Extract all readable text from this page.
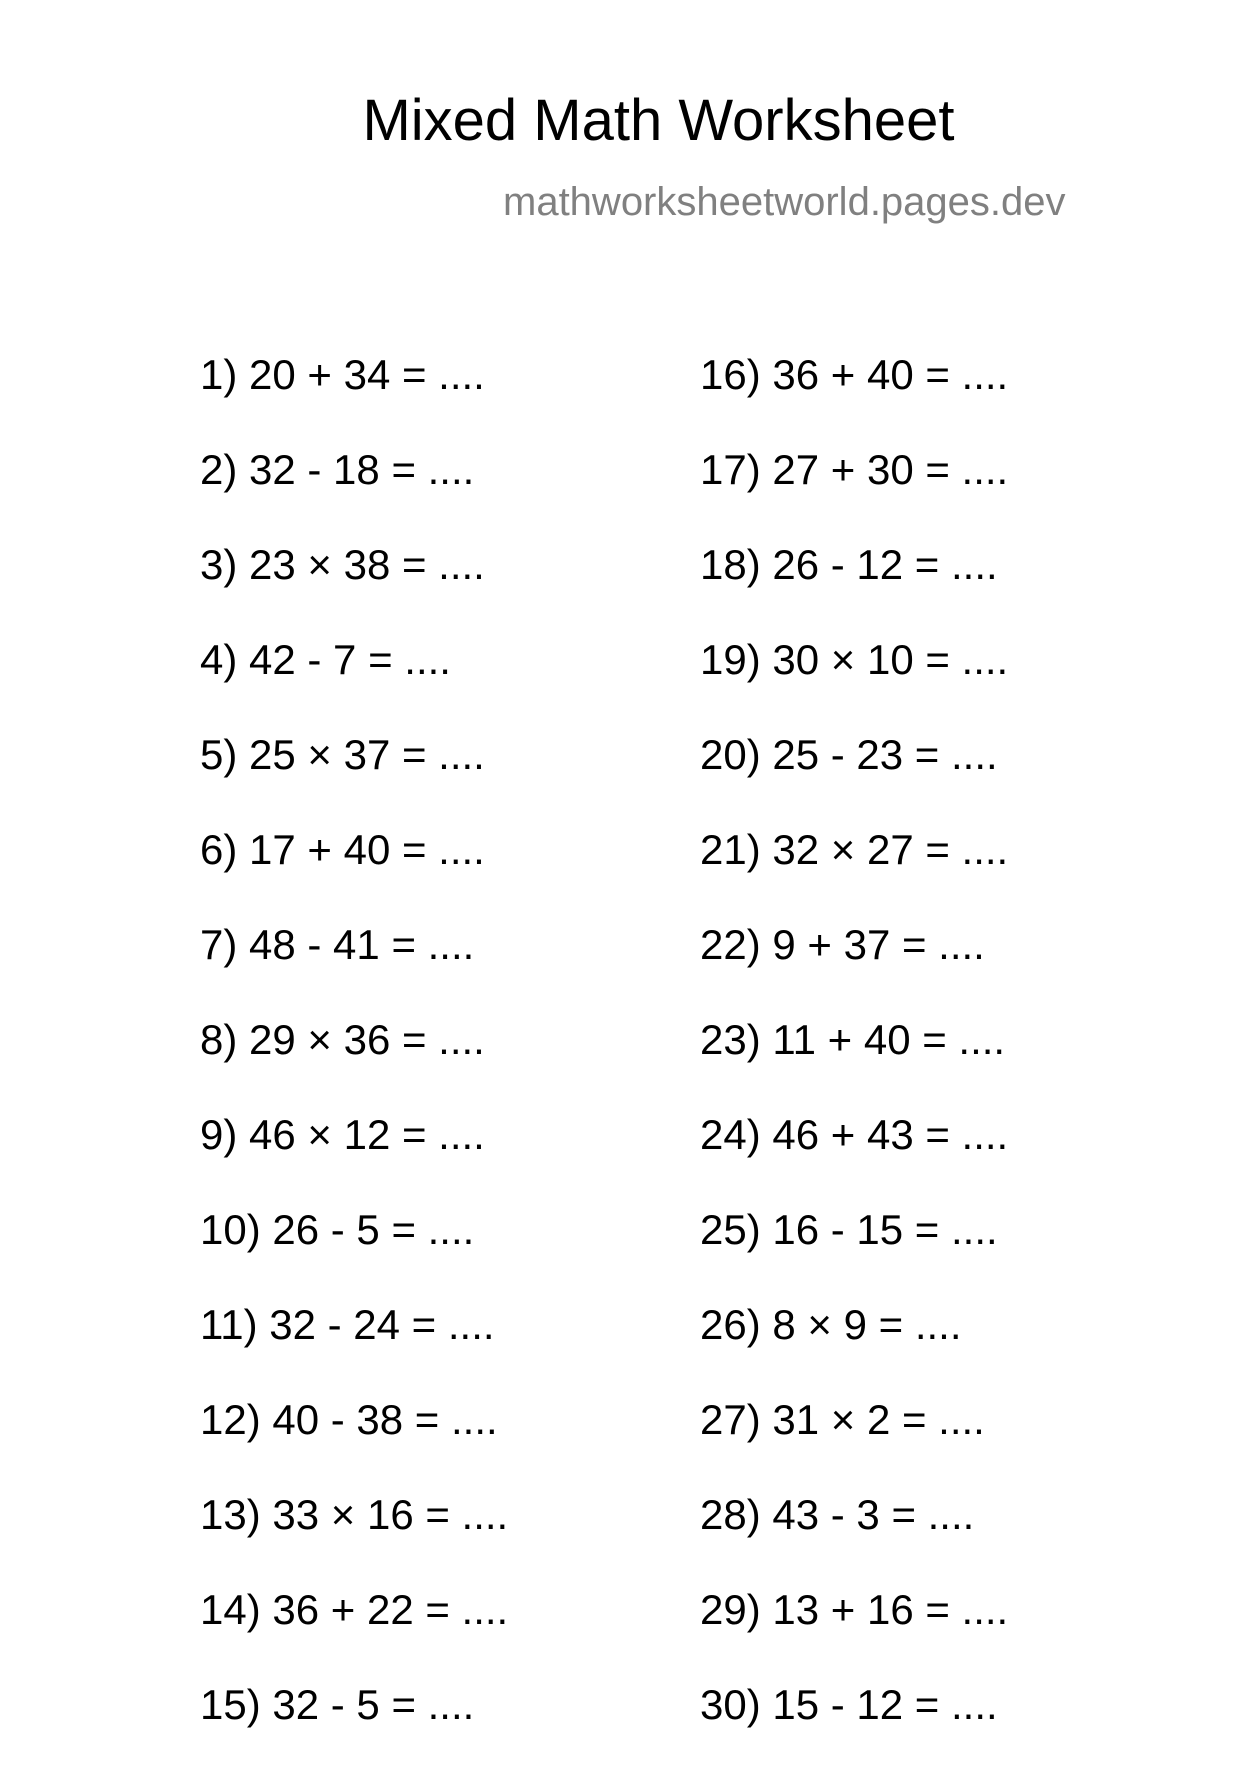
Mixed Math Worksheet
mathworksheetworld.pages.dev
1) 20 + 34 = ....
2) 32 - 18 = ....
3) 23 × 38 = ....
4) 42 - 7 = ....
5) 25 × 37 = ....
6) 17 + 40 = ....
7) 48 - 41 = ....
8) 29 × 36 = ....
9) 46 × 12 = ....
10) 26 - 5 = ....
11) 32 - 24 = ....
12) 40 - 38 = ....
13) 33 × 16 = ....
14) 36 + 22 = ....
15) 32 - 5 = ....
16) 36 + 40 = ....
17) 27 + 30 = ....
18) 26 - 12 = ....
19) 30 × 10 = ....
20) 25 - 23 = ....
21) 32 × 27 = ....
22) 9 + 37 = ....
23) 11 + 40 = ....
24) 46 + 43 = ....
25) 16 - 15 = ....
26) 8 × 9 = ....
27) 31 × 2 = ....
28) 43 - 3 = ....
29) 13 + 16 = ....
30) 15 - 12 = ....
